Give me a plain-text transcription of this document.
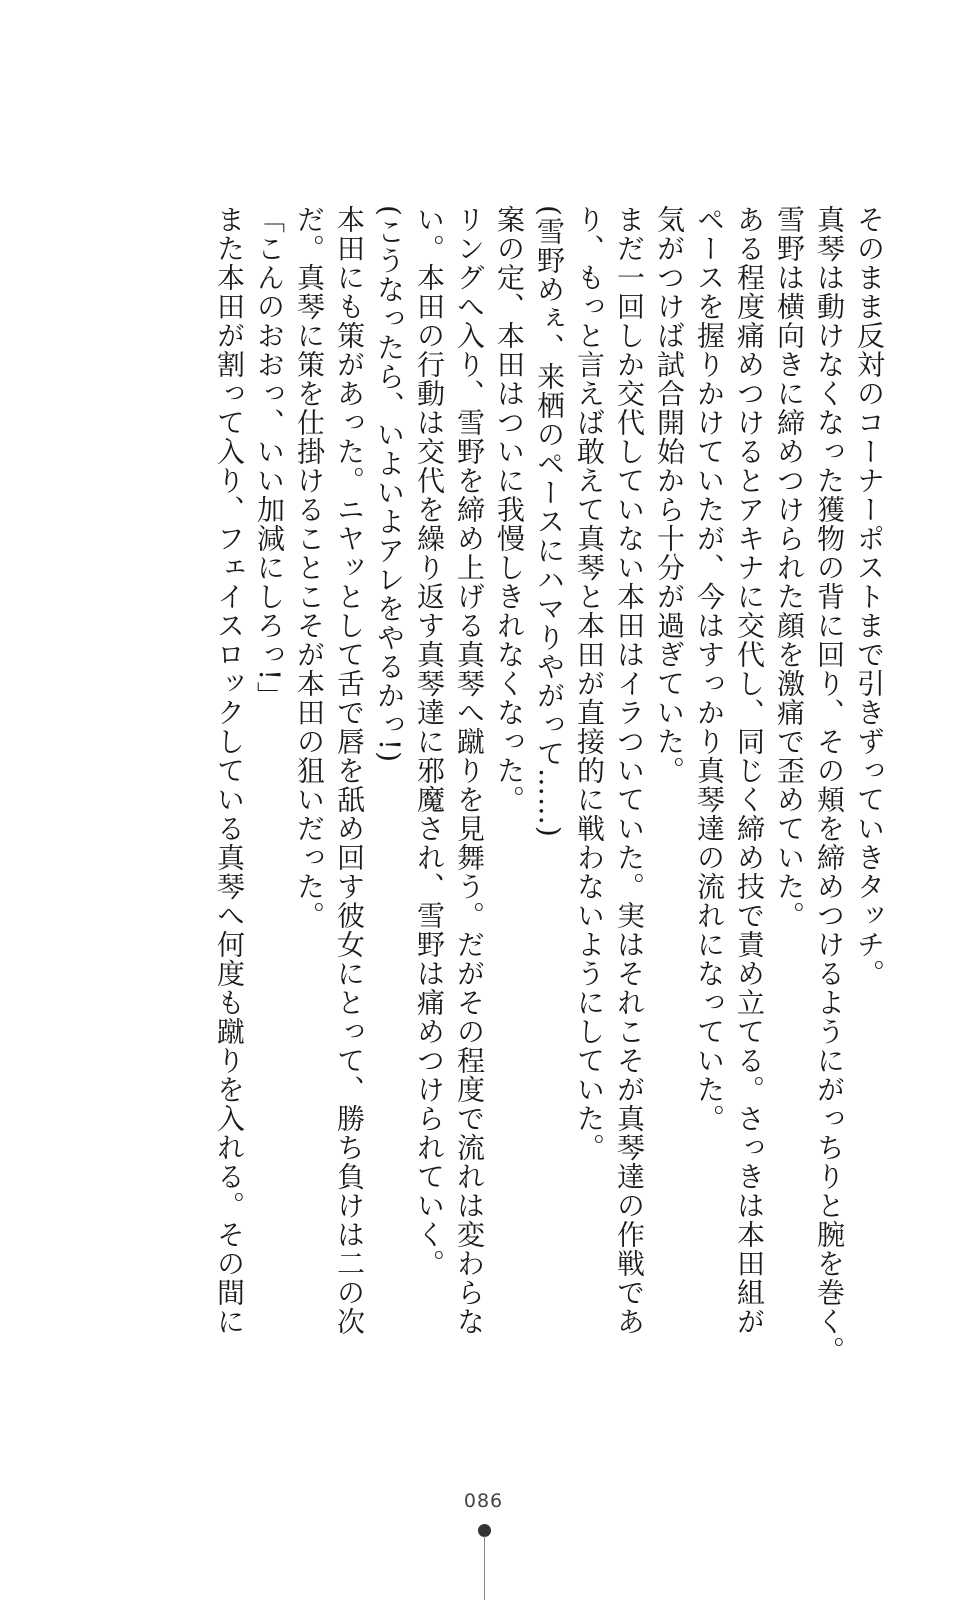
そのまま反対のコーナーポストまで引きずっていきタッチ。
真琴は動けなくなった獲物の背に回り、その頬を締めつけるようにがっちりと腕を巻く。
雪野は横向きに締めつけられた顔を激痛で歪めていた。
ある程度痛めつけるとアキナに交代し、同じく締め技で責め立てる。さっきは本田組が
ペースを握りかけていたが、今はすっかり真琴達の流れになっていた。
気がつけば試合開始から十分が過ぎていた。
まだ一回しか交代していない本田はイラついていた。実はそれこそが真琴達の作戦であ
り、もっと言えば敢えて真琴と本田が直接的に戦わないようにしていた。
(雪野めぇ、来栖のペースにハマりやがって……)
案の定、本田はついに我慢しきれなくなった。
リングへ入り、雪野を締め上げる真琴へ蹴りを見舞う。だがその程度で流れは変わらな
い。本田の行動は交代を繰り返す真琴達に邪魔され、雪野は痛めつけられていく。
(こうなったら、いよいよアレをやるかっ!)
本田にも策があった。ニヤッとして舌で唇を舐め回す彼女にとって、勝ち負けは二の次
だ。真琴に策を仕掛けることこそが本田の狙いだった。
「こんのおおっ、いい加減にしろっ!」
また本田が割って入り、フェイスロックしている真琴へ何度も蹴りを入れる。その間に
086
